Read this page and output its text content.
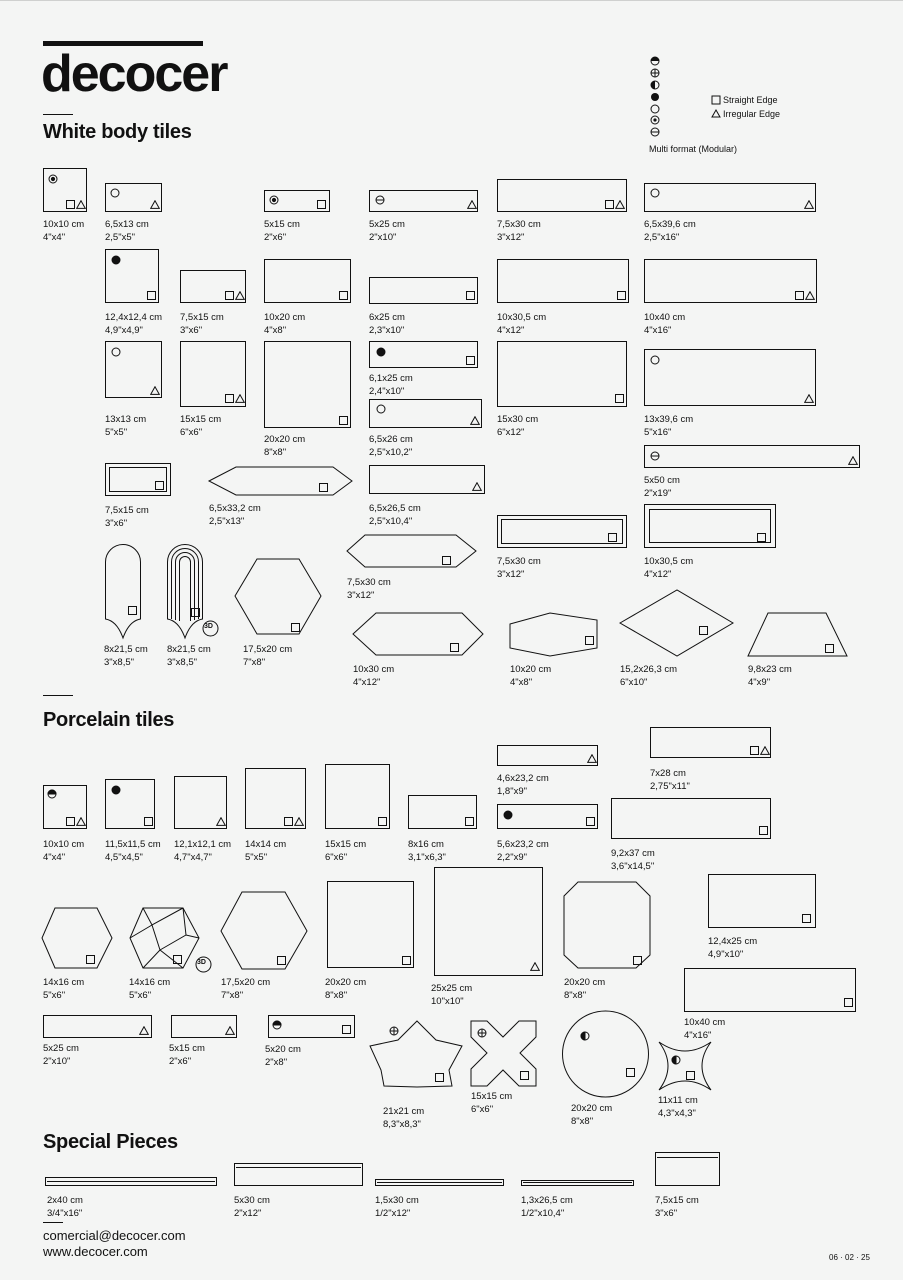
decocer	Straight Edge
Irregular Edge
Multi format (Modular)
White body tiles
Porcelain tiles
Special Pieces
3D
3D
10x10 cm
4"x4"
6,5x13 cm
2,5"x5"
5x15 cm
2"x6"
5x25 cm
2"x10"
7,5x30 cm
3"x12"
6,5x39,6 cm
2,5"x16"
12,4x12,4 cm
4,9"x4,9"
7,5x15 cm
3"x6"
10x20 cm
4"x8"
6x25 cm
2,3"x10"
10x30,5 cm
4"x12"
10x40 cm
4"x16"
13x13 cm
5"x5"
15x15 cm
6"x6"
20x20 cm
8"x8"
6,1x25 cm
2,4"x10"
6,5x26 cm
2,5"x10,2"
15x30 cm
6"x12"
13x39,6 cm
5"x16"
5x50 cm
2"x19"
7,5x15 cm
3"x6"
6,5x33,2 cm
2,5"x13"
6,5x26,5 cm
2,5"x10,4"
7,5x30 cm
3"x12"
10x30,5 cm
4"x12"
8x21,5 cm
3"x8,5"
8x21,5 cm
3"x8,5"
17,5x20 cm
7"x8"
7,5x30 cm
3"x12"
10x30 cm
4"x12"
10x20 cm
4"x8"
15,2x26,3 cm
6"x10"
9,8x23 cm
4"x9"
10x10 cm
4"x4"
11,5x11,5 cm
4,5"x4,5"
12,1x12,1 cm
4,7"x4,7"
14x14 cm
5"x5"
15x15 cm
6"x6"
8x16 cm
3,1"x6,3"
4,6x23,2 cm
1,8"x9"
5,6x23,2 cm
2,2"x9"
7x28 cm
2,75"x11"
9,2x37 cm
3,6"x14,5"
14x16 cm
5"x6"
14x16 cm
5"x6"
17,5x20 cm
7"x8"
20x20 cm
8"x8"
25x25 cm
10"x10"
20x20 cm
8"x8"
12,4x25 cm
4,9"x10"
10x40 cm
4"x16"
5x25 cm
2"x10"
5x15 cm
2"x6"
5x20 cm
2"x8"
21x21 cm
8,3"x8,3"
15x15 cm
6"x6"	20x20 cm
8"x8"
11x11 cm
4,3"x4,3"
2x40 cm
3/4"x16"
5x30 cm
2"x12"
1,5x30 cm
1/2"x12"
1,3x26,5 cm
1/2"x10,4"
7,5x15 cm
3"x6"
comercial@decocer.com
www.decocer.com	06 · 02 · 25
